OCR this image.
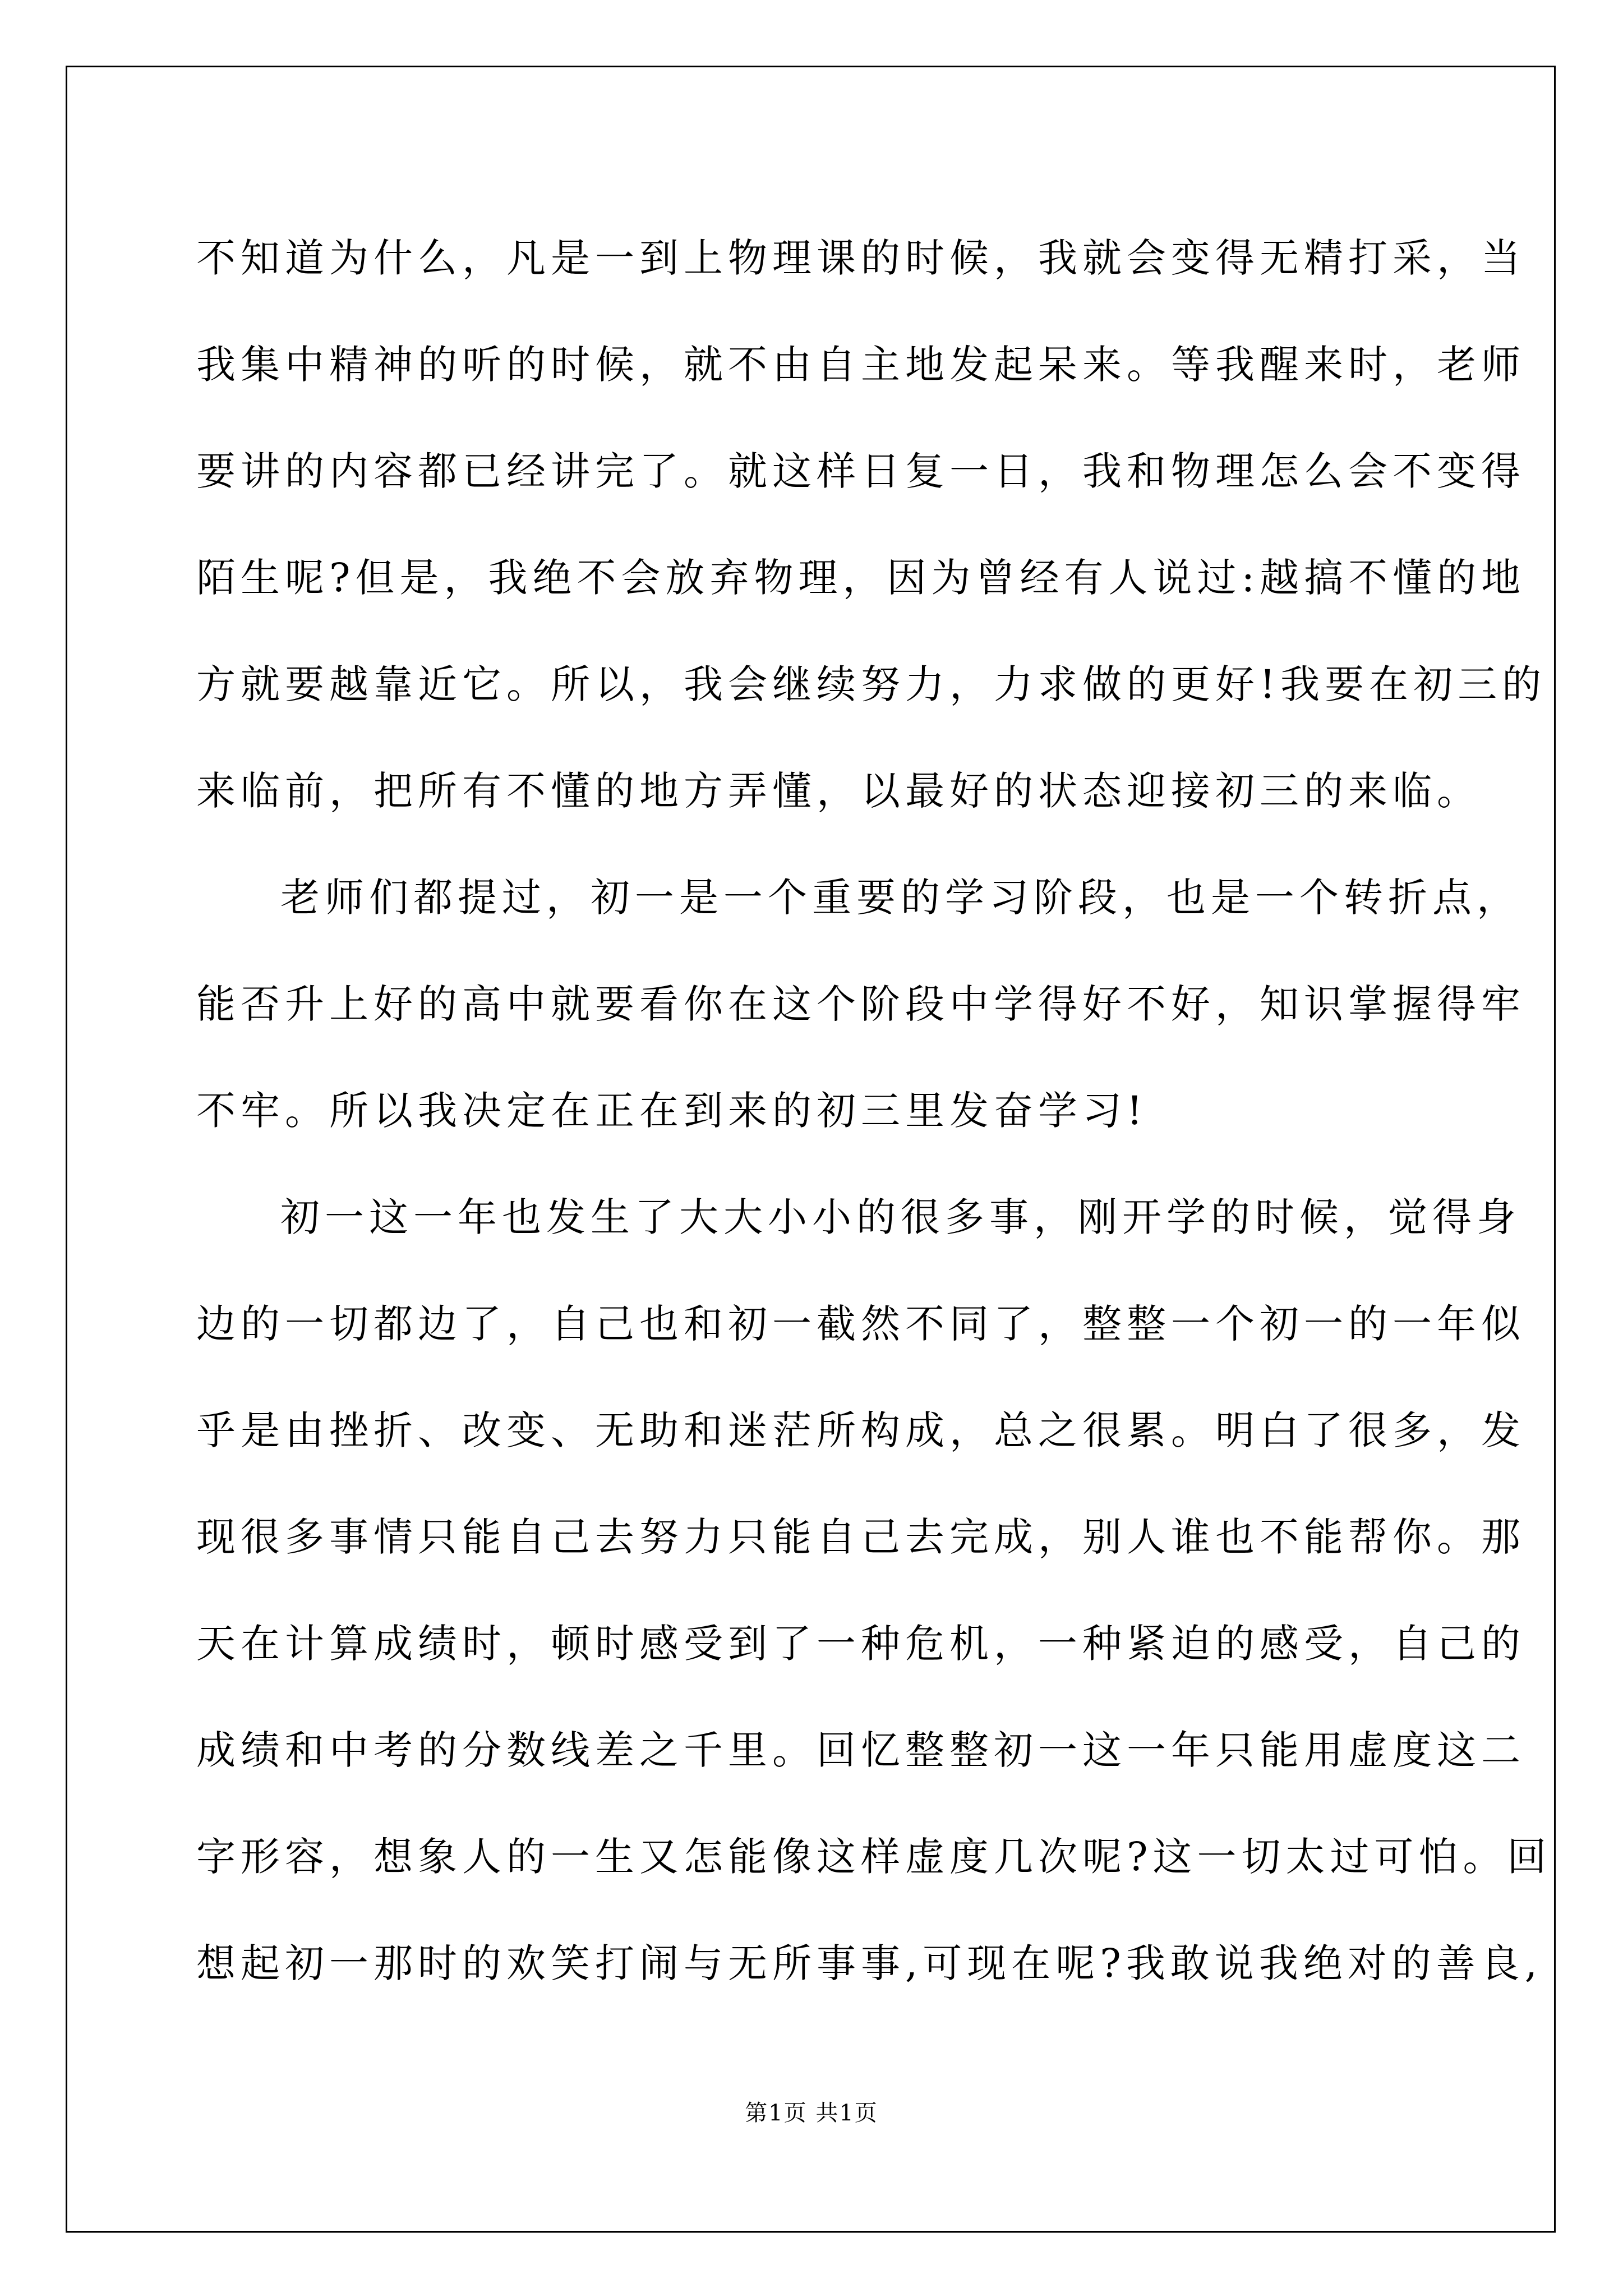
不知道为什么，凡是一到上物理课的时候，我就会变得无精打采，当
我集中精神的听的时候，就不由自主地发起呆来。等我醒来时，老师
要讲的内容都已经讲完了。就这样日复一日，我和物理怎么会不变得
陌生呢?但是，我绝不会放弃物理，因为曾经有人说过:越搞不懂的地
方就要越靠近它。所以，我会继续努力，力求做的更好!我要在初三的
来临前，把所有不懂的地方弄懂，以最好的状态迎接初三的来临。
老师们都提过，初一是一个重要的学习阶段，也是一个转折点，
能否升上好的高中就要看你在这个阶段中学得好不好，知识掌握得牢
不牢。所以我决定在正在到来的初三里发奋学习!
初一这一年也发生了大大小小的很多事，刚开学的时候，觉得身
边的一切都边了，自己也和初一截然不同了，整整一个初一的一年似
乎是由挫折、改变、无助和迷茫所构成，总之很累。明白了很多，发
现很多事情只能自己去努力只能自己去完成，别人谁也不能帮你。那
天在计算成绩时，顿时感受到了一种危机，一种紧迫的感受，自己的
成绩和中考的分数线差之千里。回忆整整初一这一年只能用虚度这二
字形容，想象人的一生又怎能像这样虚度几次呢?这一切太过可怕。回
想起初一那时的欢笑打闹与无所事事,可现在呢?我敢说我绝对的善良,
第1页 共1页
